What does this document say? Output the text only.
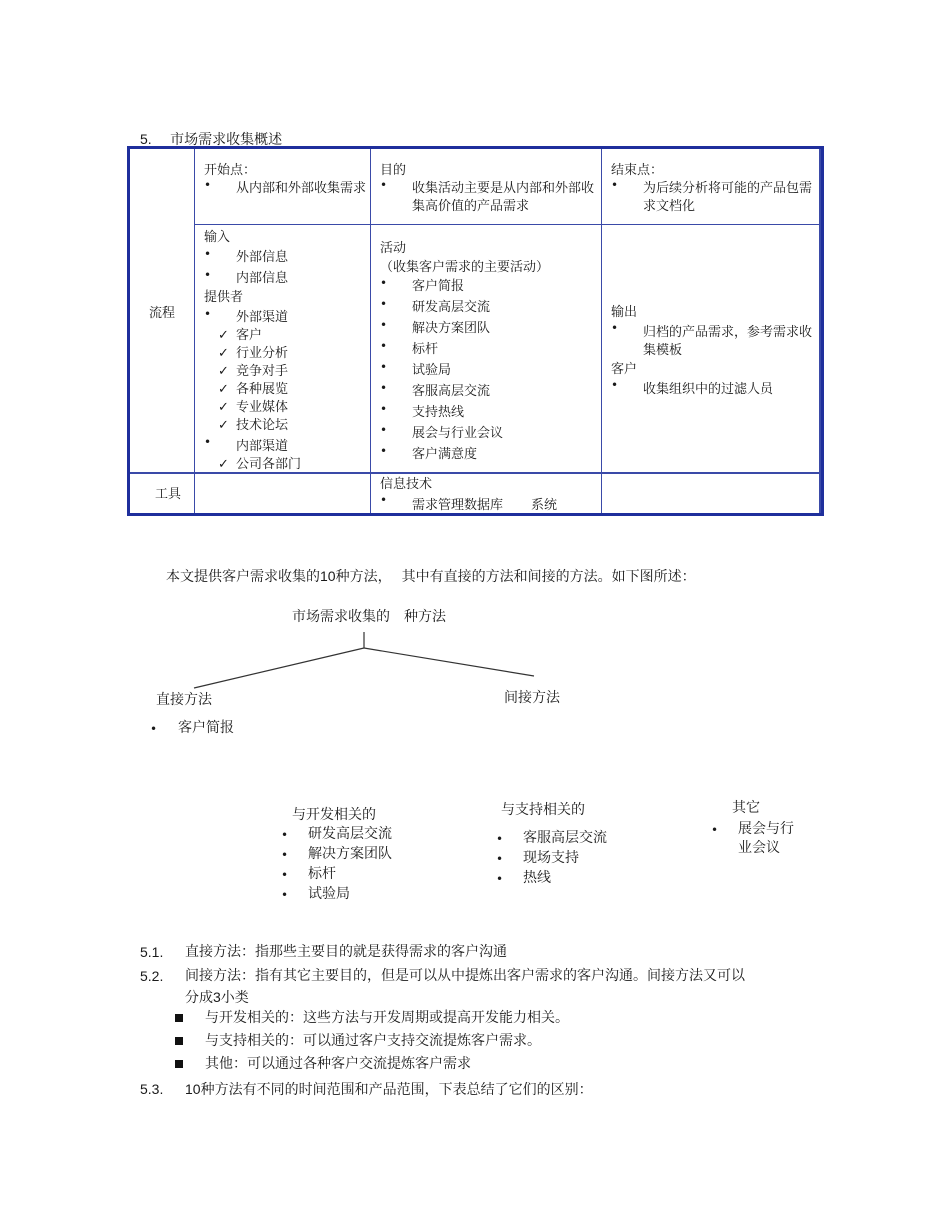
5. 市场需求收集概述
流程
工具
开始点：
• 从内部和外部收集需求
目的
• 收集活动主要是从内部和外部收集高价值的产品需求
结束点：
• 为后续分析将可能的产品包需求文档化
输入
• 外部信息
• 内部信息
提供者
• 外部渠道
✓ 客户
✓ 行业分析
✓ 竞争对手
✓ 各种展览
✓ 专业媒体
✓ 技术论坛
• 内部渠道
✓ 公司各部门
活动
（收集客户需求的主要活动）
• 客户简报
• 研发高层交流
• 解决方案团队
• 标杆
• 试验局
• 客服高层交流
• 支持热线
• 展会与行业会议
• 客户满意度
输出
• 归档的产品需求，参考需求收集模板
客户
• 收集组织中的过滤人员
信息技术
• 需求管理数据库 系统
本文提供客户需求收集的10种方法， 其中有直接的方法和间接的方法。如下图所述：
市场需求收集的 种方法
直接方法	间接方法
• 客户简报
与开发相关的
• 研发高层交流
• 解决方案团队
• 标杆
• 试验局
与支持相关的
• 客服高层交流
• 现场支持
• 热线
其它
• 展会与行
业会议
5.1. 直接方法：指那些主要目的就是获得需求的客户沟通
5.2. 间接方法：指有其它主要目的，但是可以从中提炼出客户需求的客户沟通。间接方法又可以
分成3小类
与开发相关的：这些方法与开发周期或提高开发能力相关。
与支持相关的：可以通过客户支持交流提炼客户需求。
其他：可以通过各种客户交流提炼客户需求
5.3. 10种方法有不同的时间范围和产品范围，下表总结了它们的区别：
